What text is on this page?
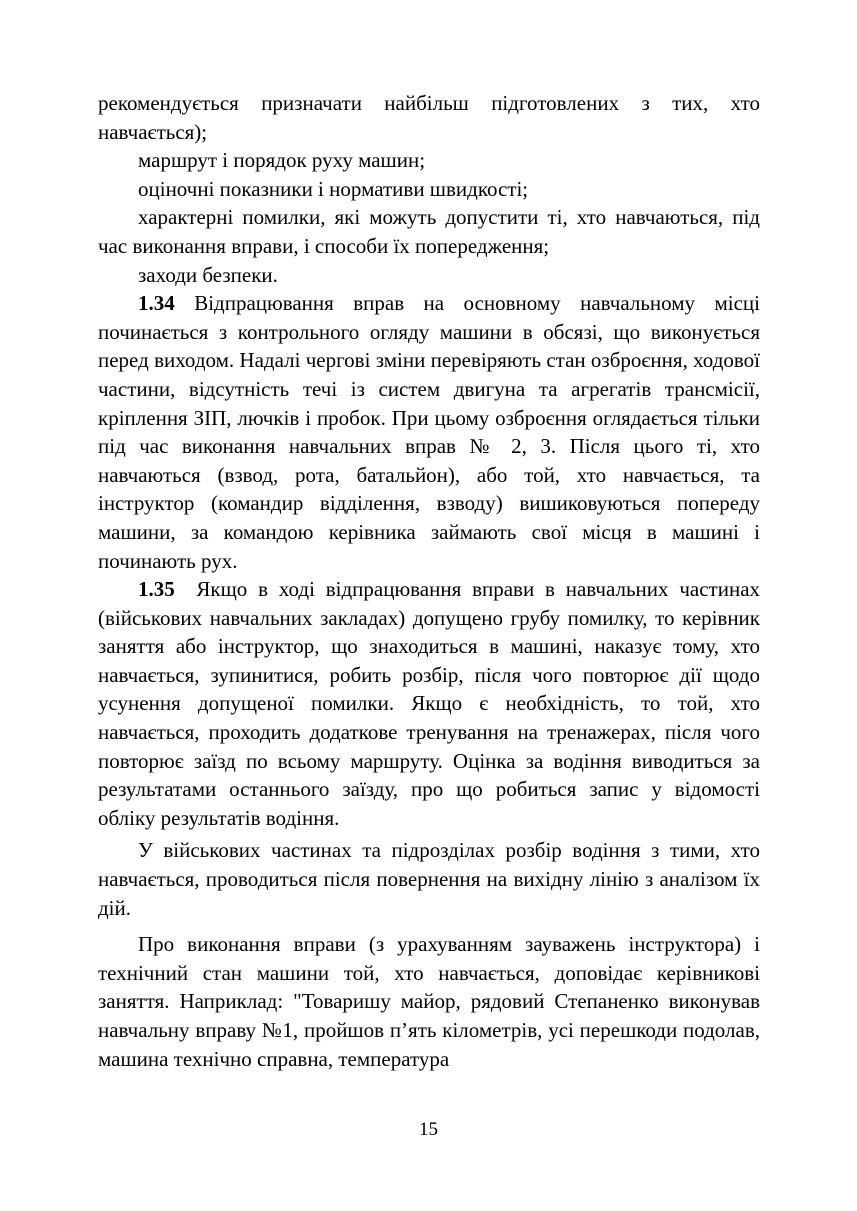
рекомендується призначати найбільш підготовлених з тих, хто навчається);

маршрут і порядок руху машин;

оціночні показники і нормативи швидкості;

характерні помилки, які можуть допустити ті, хто навчаються, під час виконання вправи, і способи їх попередження;

заходи безпеки.

1.34 Відпрацювання вправ на основному навчальному місці починається з контрольного огляду машини в обсязі, що виконується перед виходом. Надалі чергові зміни перевіряють стан озброєння, ходової частини, відсутність течі із систем двигуна та агрегатів трансмісії, кріплення ЗІП, лючків і пробок. При цьому озброєння оглядається тільки під час виконання навчальних вправ № 2, 3. Після цього ті, хто навчаються (взвод, рота, батальйон), або той, хто навчається, та інструктор (командир відділення, взводу) вишиковуються попереду машини, за командою керівника займають свої місця в машині і починають рух.

1.35 Якщо в ході відпрацювання вправи в навчальних частинах (військових навчальних закладах) допущено грубу помилку, то керівник заняття або інструктор, що знаходиться в машині, наказує тому, хто навчається, зупинитися, робить розбір, після чого повторює дії щодо усунення допущеної помилки. Якщо є необхідність, то той, хто навчається, проходить додаткове тренування на тренажерах, після чого повторює заїзд по всьому маршруту. Оцінка за водіння виводиться за результатами останнього заїзду, про що робиться запис у відомості обліку результатів водіння.

У військових частинах та підрозділах розбір водіння з тими, хто навчається, проводиться після повернення на вихідну лінію з аналізом їх дій.

Про виконання вправи (з урахуванням зауважень інструктора) і технічний стан машини той, хто навчається, доповідає керівникові заняття. Наприклад: "Товаришу майор, рядовий Степаненко виконував навчальну вправу №1, пройшов п’ять кілометрів, усі перешкоди подолав, машина технічно справна, температура

15
